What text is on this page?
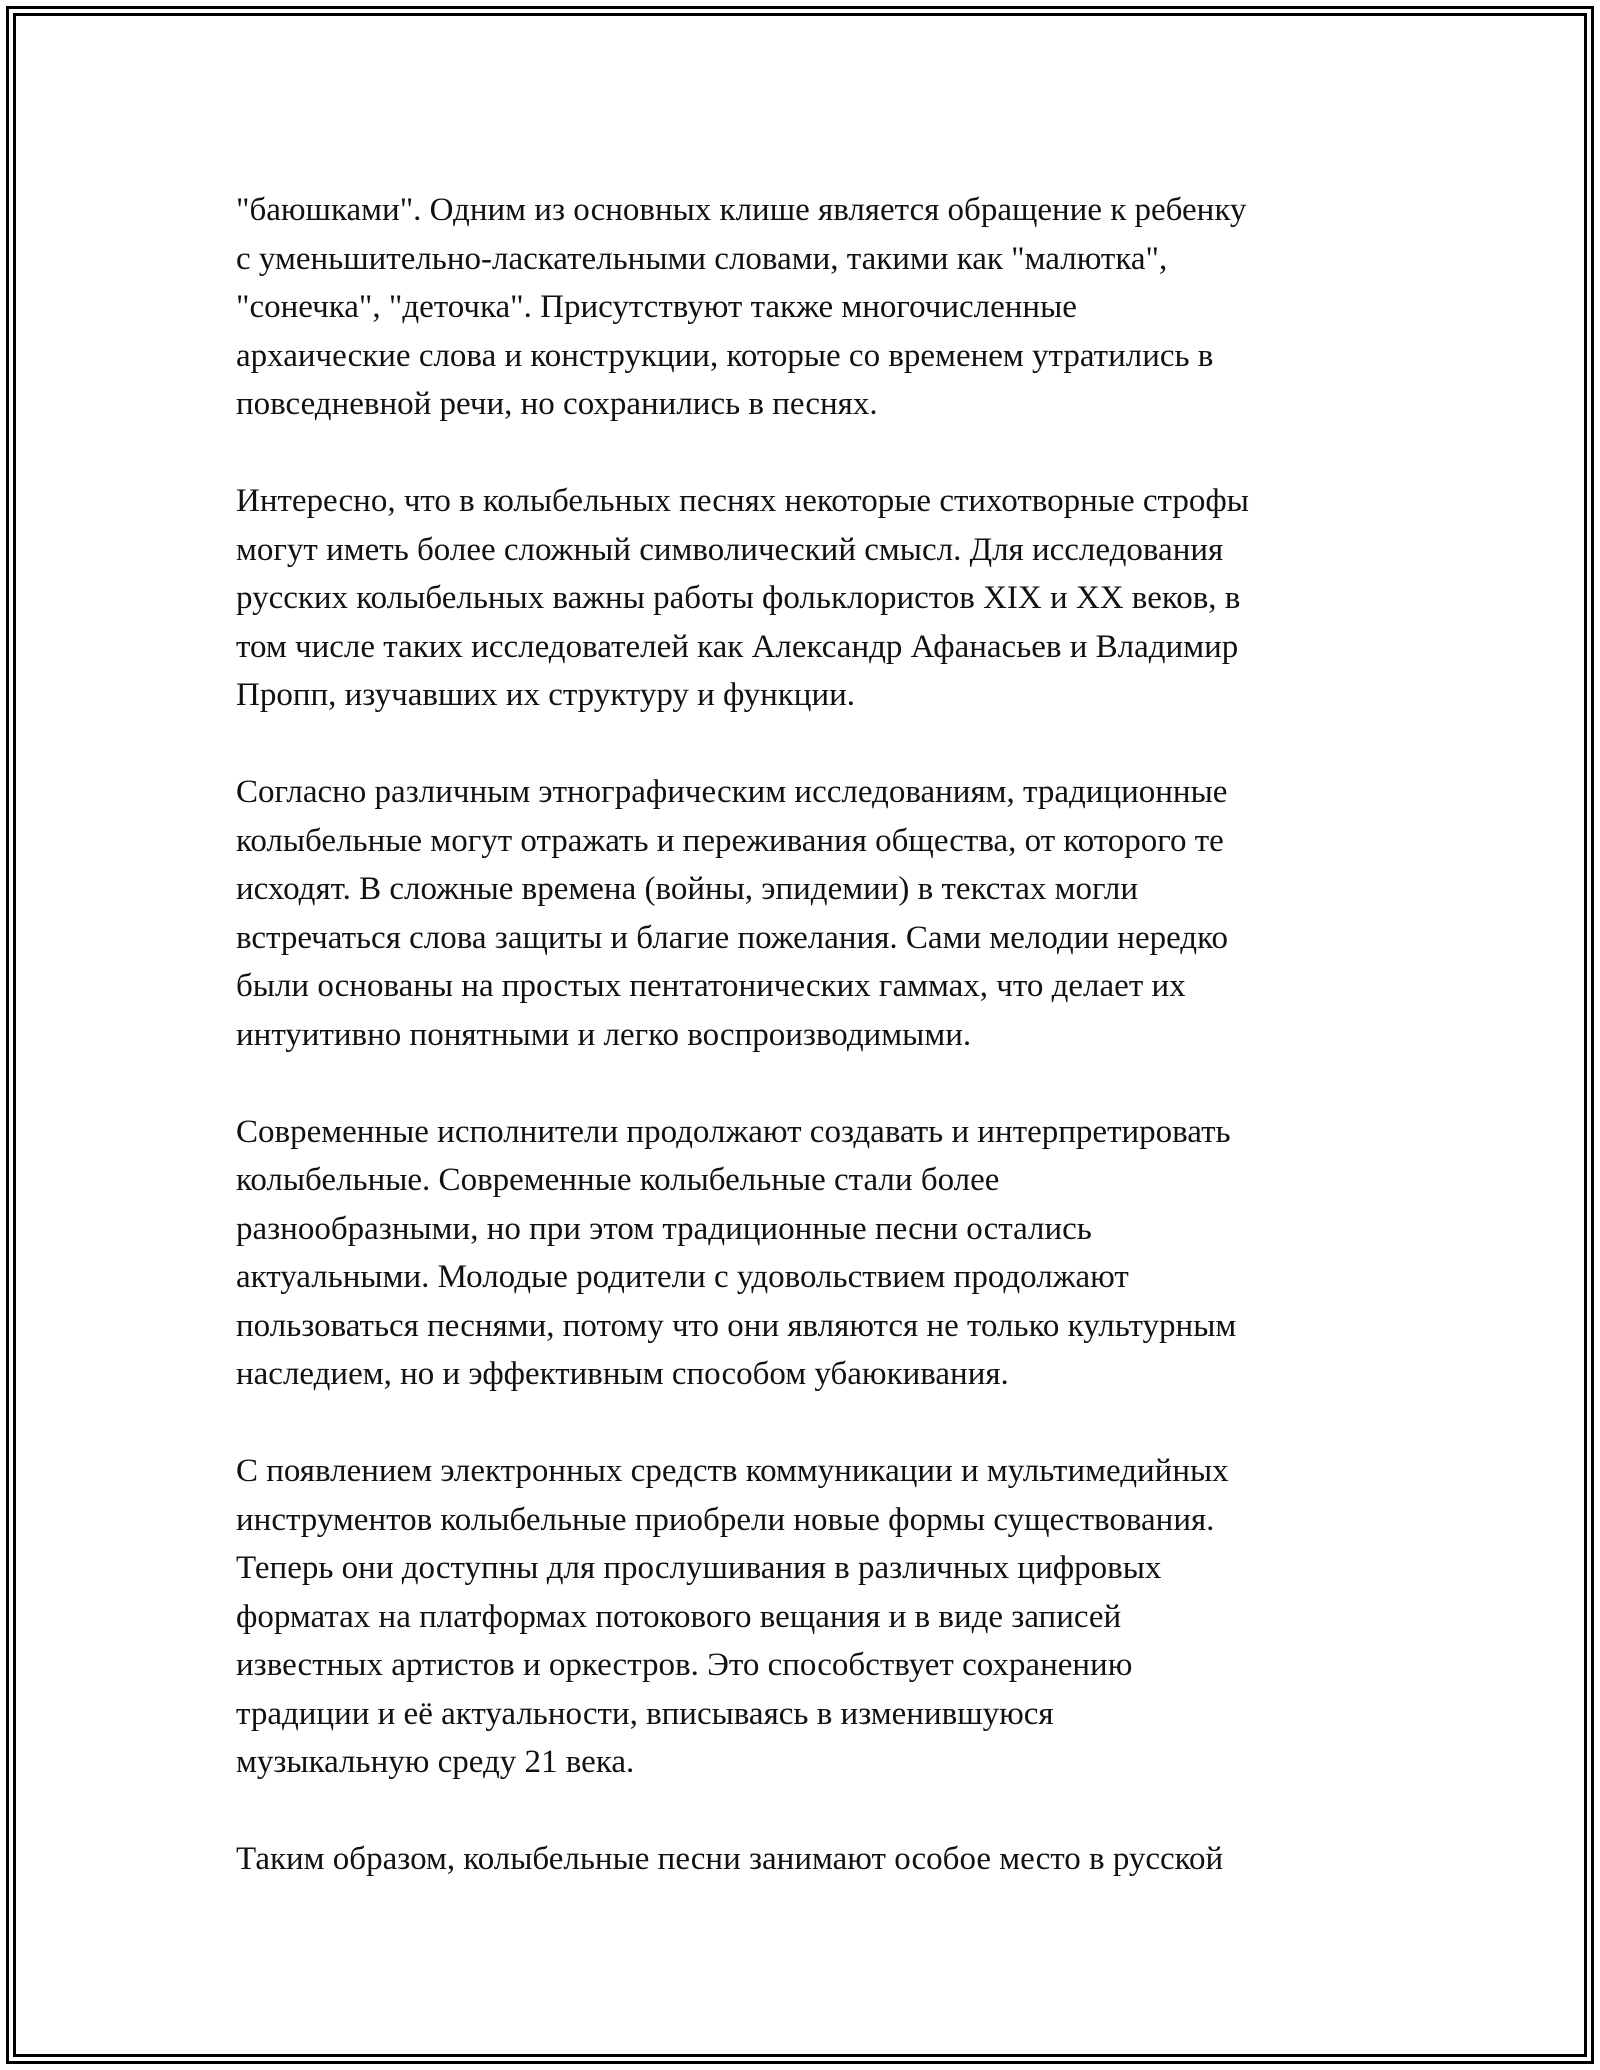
"баюшками". Одним из основных клише является обращение к ребенку
с уменьшительно-ласкательными словами, такими как "малютка",
"сонечка", "деточка". Присутствуют также многочисленные
архаические слова и конструкции, которые со временем утратились в
повседневной речи, но сохранились в песнях.

Интересно, что в колыбельных песнях некоторые стихотворные строфы
могут иметь более сложный символический смысл. Для исследования
русских колыбельных важны работы фольклористов XIX и XX веков, в
том числе таких исследователей как Александр Афанасьев и Владимир
Пропп, изучавших их структуру и функции.

Согласно различным этнографическим исследованиям, традиционные
колыбельные могут отражать и переживания общества, от которого те
исходят. В сложные времена (войны, эпидемии) в текстах могли
встречаться слова защиты и благие пожелания. Сами мелодии нередко
были основаны на простых пентатонических гаммах, что делает их
интуитивно понятными и легко воспроизводимыми.

Современные исполнители продолжают создавать и интерпретировать
колыбельные. Современные колыбельные стали более
разнообразными, но при этом традиционные песни остались
актуальными. Молодые родители с удовольствием продолжают
пользоваться песнями, потому что они являются не только культурным
наследием, но и эффективным способом убаюкивания.

С появлением электронных средств коммуникации и мультимедийных
инструментов колыбельные приобрели новые формы существования.
Теперь они доступны для прослушивания в различных цифровых
форматах на платформах потокового вещания и в виде записей
известных артистов и оркестров. Это способствует сохранению
традиции и её актуальности, вписываясь в изменившуюся
музыкальную среду 21 века.

Таким образом, колыбельные песни занимают особое место в русской
